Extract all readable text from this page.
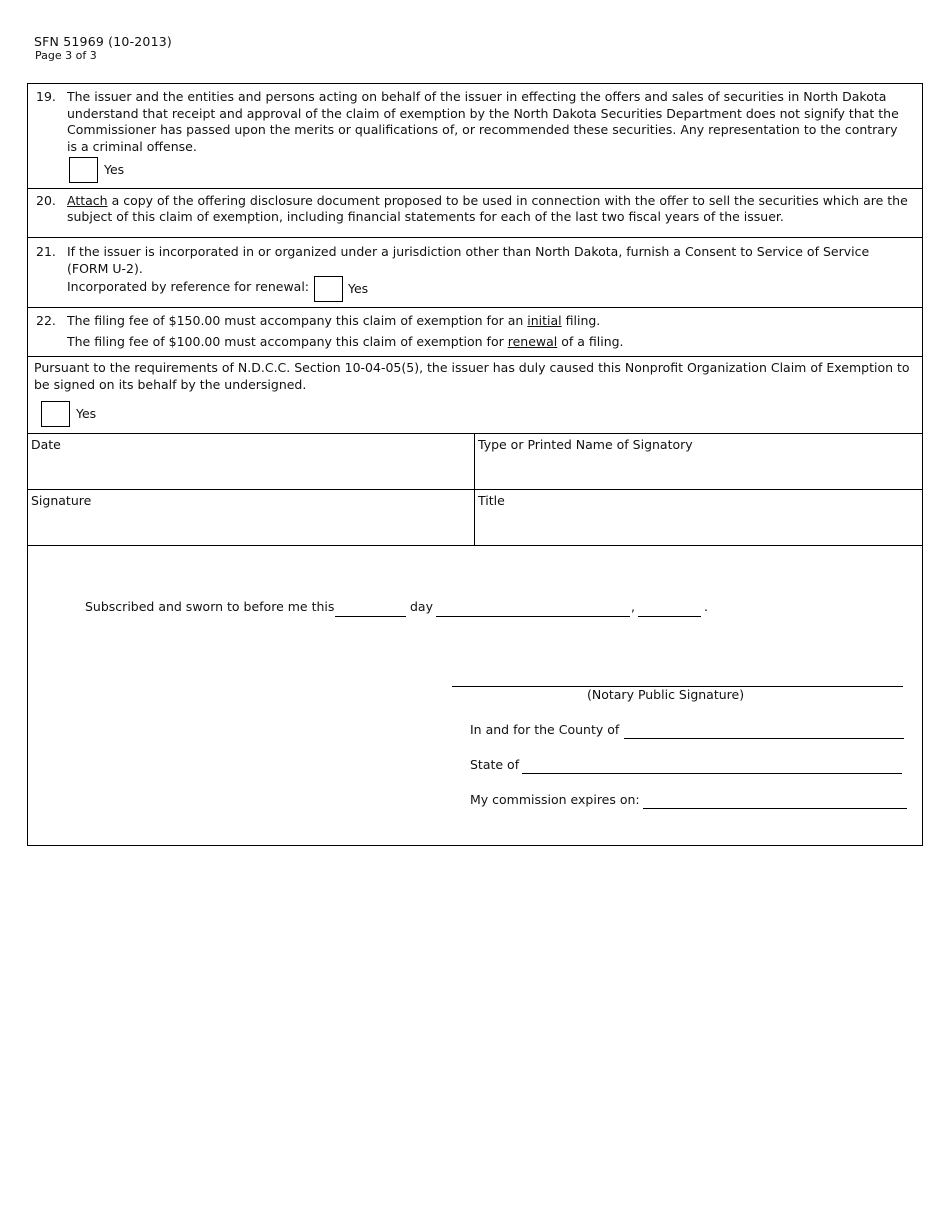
SFN 51969 (10-2013)
Page 3 of 3
19. The issuer and the entities and persons acting on behalf of the issuer in effecting the offers and sales of securities in North Dakota
understand that receipt and approval of the claim of exemption by the North Dakota Securities Department does not signify that the
Commissioner has passed upon the merits or qualifications of, or recommended these securities. Any representation to the contrary
is a criminal offense.
Yes
20. Attach a copy of the offering disclosure document proposed to be used in connection with the offer to sell the securities which are the
subject of this claim of exemption, including financial statements for each of the last two fiscal years of the issuer.
21. If the issuer is incorporated in or organized under a jurisdiction other than North Dakota, furnish a Consent to Service of Service
(FORM U-2).
Incorporated by reference for renewal:	Yes
22. The filing fee of $150.00 must accompany this claim of exemption for an initial filing.
The filing fee of $100.00 must accompany this claim of exemption for renewal of a filing.
Pursuant to the requirements of N.D.C.C. Section 10-04-05(5), the issuer has duly caused this Nonprofit Organization Claim of Exemption to
be signed on its behalf by the undersigned.
Yes
Date	Type or Printed Name of Signatory
Signature	Title
Subscribed and sworn to before me this	day	,	.
(Notary Public Signature)
In and for the County of
State of
My commission expires on:
